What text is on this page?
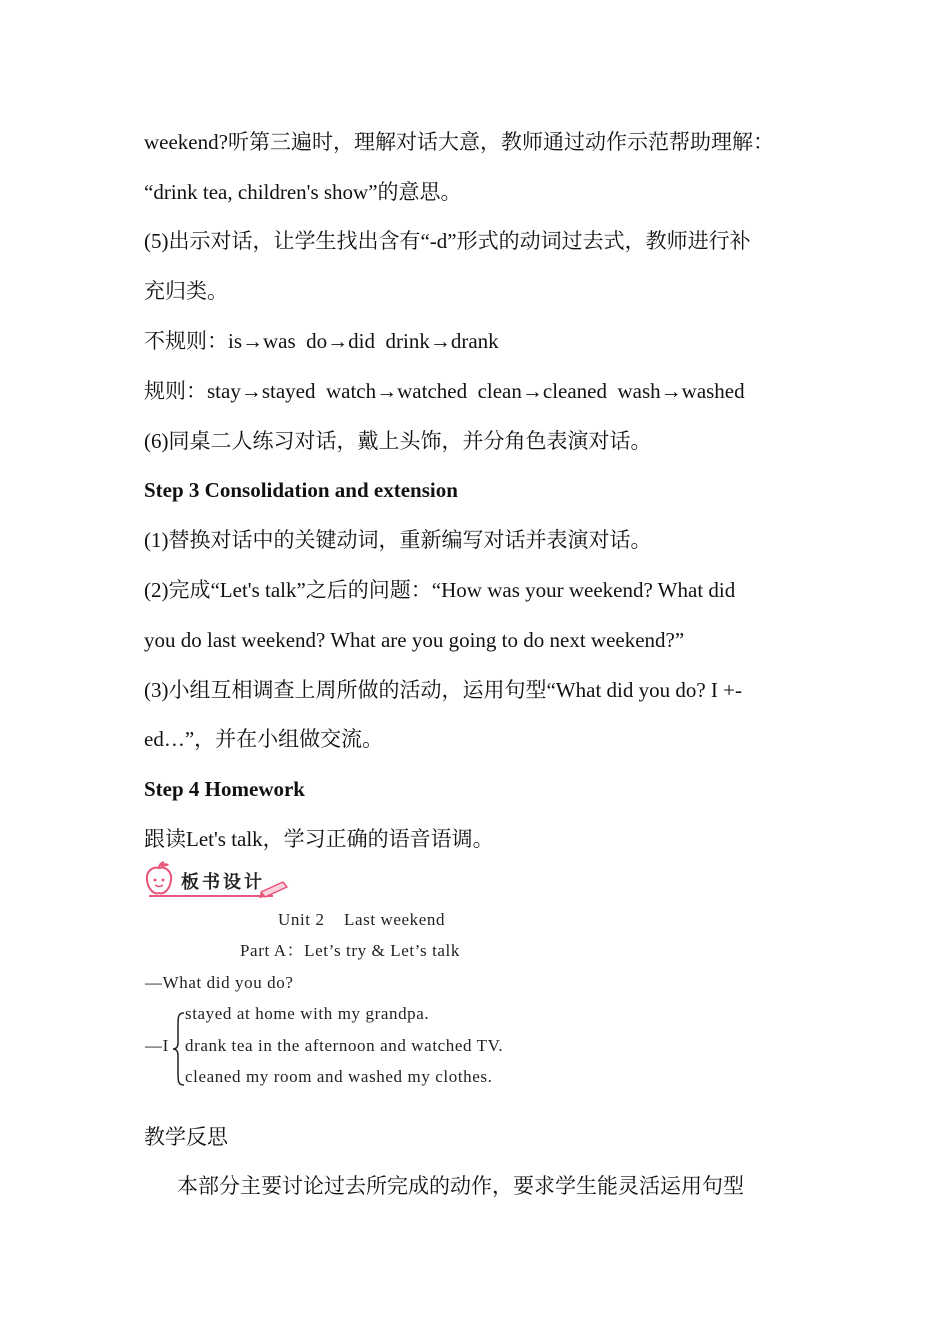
weekend?听第三遍时，理解对话大意，教师通过动作示范帮助理解：
“drink tea, children's show”的意思。
(5)出示对话，让学生找出含有“-d”形式的动词过去式，教师进行补
充归类。
不规则：is→was  do→did  drink→drank
规则：stay→stayed  watch→watched  clean→cleaned  wash→washed
(6)同桌二人练习对话，戴上头饰，并分角色表演对话。
Step 3 Consolidation and extension
(1)替换对话中的关键动词，重新编写对话并表演对话。
(2)完成“Let's talk”之后的问题：“How was your weekend? What did
you do last weekend? What are you going to do next weekend?”
(3)小组互相调查上周所做的活动，运用句型“What did you do? I +-
ed…”，并在小组做交流。
Step 4 Homework
跟读Let's talk，学习正确的语音语调。
板书设计
Unit 2    Last weekend
Part A：Let’s try & Let’s talk
—What did you do?
—I
stayed at home with my grandpa.
drank tea in the afternoon and watched TV.
cleaned my room and washed my clothes.
教学反思
本部分主要讨论过去所完成的动作，要求学生能灵活运用句型
